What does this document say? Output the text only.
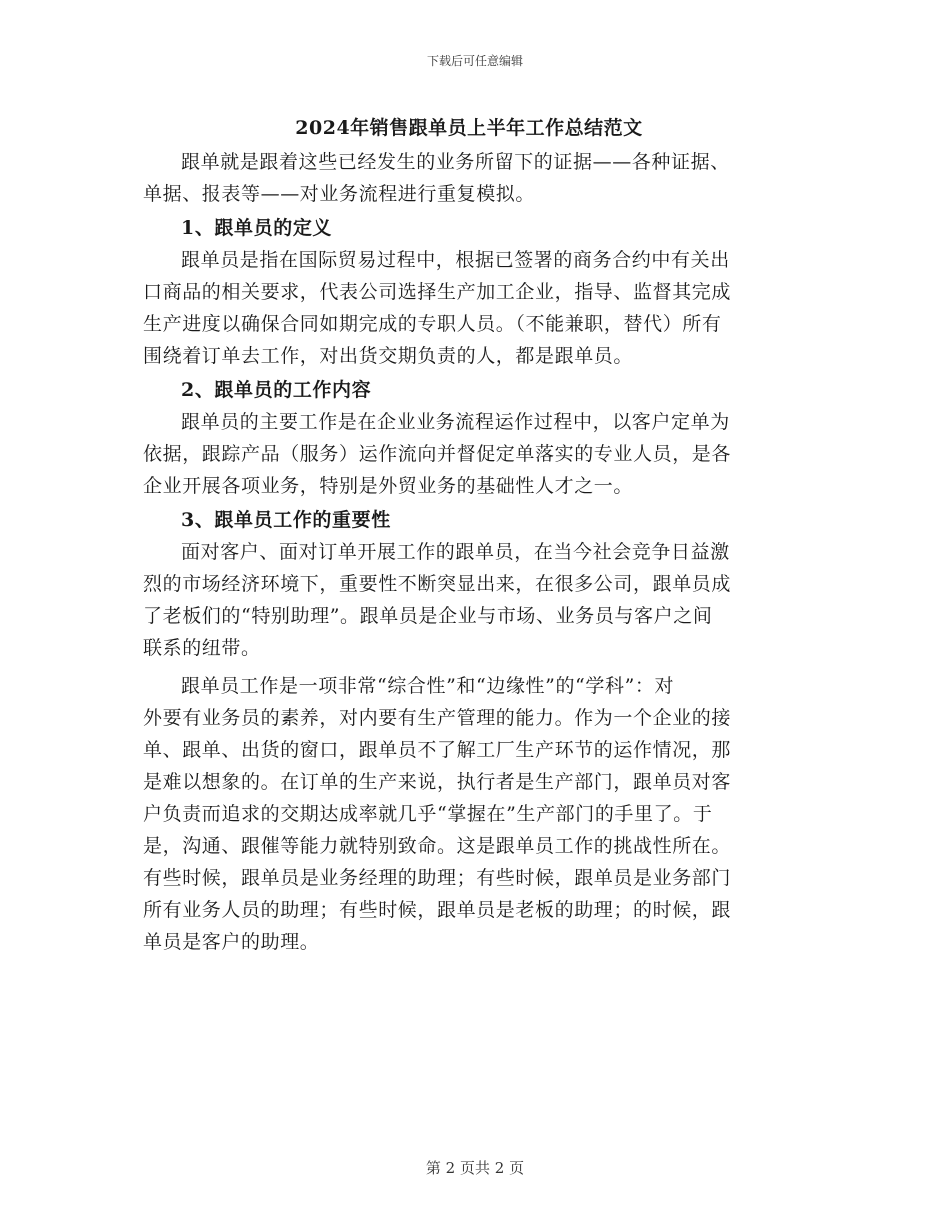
下载后可任意编辑
2024年销售跟单员上半年工作总结范文
跟单就是跟着这些已经发生的业务所留下的证据——各种证据、
单据、报表等——对业务流程进行重复模拟。
1、跟单员的定义
跟单员是指在国际贸易过程中，根据已签署的商务合约中有关出
口商品的相关要求，代表公司选择生产加工企业，指导、监督其完成
生产进度以确保合同如期完成的专职人员。（不能兼职，替代）所有
围绕着订单去工作，对出货交期负责的人，都是跟单员。
2、跟单员的工作内容
跟单员的主要工作是在企业业务流程运作过程中，以客户定单为
依据，跟踪产品（服务）运作流向并督促定单落实的专业人员，是各
企业开展各项业务，特别是外贸业务的基础性人才之一。
3、跟单员工作的重要性
面对客户、面对订单开展工作的跟单员，在当今社会竞争日益激
烈的市场经济环境下，重要性不断突显出来，在很多公司，跟单员成
了老板们的“特别助理”。跟单员是企业与市场、业务员与客户之间
联系的纽带。
跟单员工作是一项非常“综合性”和“边缘性”的“学科”：对
外要有业务员的素养，对内要有生产管理的能力。作为一个企业的接
单、跟单、出货的窗口，跟单员不了解工厂生产环节的运作情况，那
是难以想象的。在订单的生产来说，执行者是生产部门，跟单员对客
户负责而追求的交期达成率就几乎“掌握在”生产部门的手里了。于
是，沟通、跟催等能力就特别致命。这是跟单员工作的挑战性所在。
有些时候，跟单员是业务经理的助理；有些时候，跟单员是业务部门
所有业务人员的助理；有些时候，跟单员是老板的助理；的时候，跟
单员是客户的助理。
第 2 页共 2 页
